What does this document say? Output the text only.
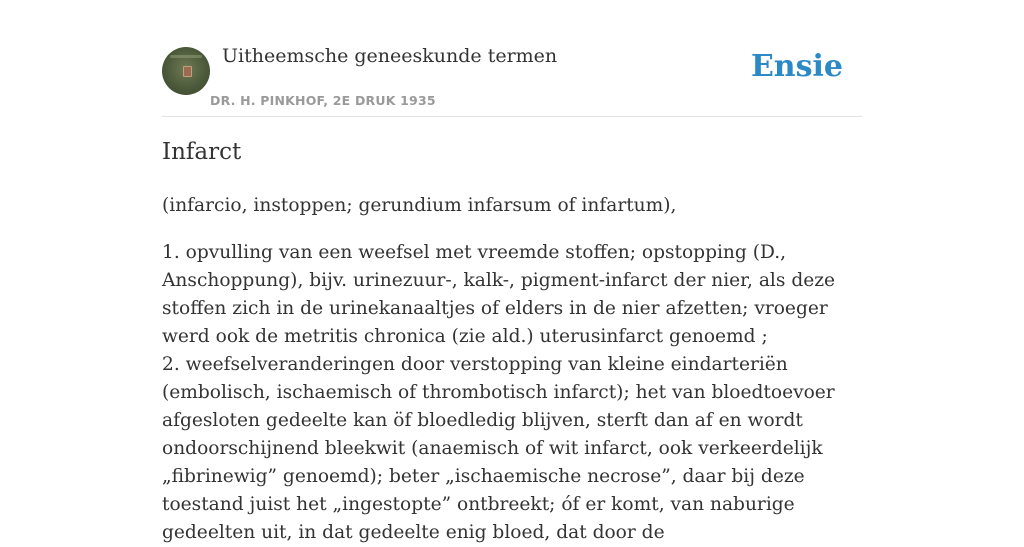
Uitheemsche geneeskunde termen
DR. H. PINKHOF, 2E DRUK 1935
Ensie
Infarct

(infarcio, instoppen; gerundium infarsum of infartum),

1. opvulling van een weefsel met vreemde stoffen; opstopping (D., Anschoppung), bijv. urinezuur-, kalk-, pigment-infarct der nier, als deze stoffen zich in de urinekanaaltjes of elders in de nier afzetten; vroeger werd ook de metritis chronica (zie ald.) uterusinfarct genoemd ;

2. weefselveranderingen door verstopping van kleine eindarteriën (embolisch, ischaemisch of thrombotisch infarct); het van bloedtoevoer afgesloten gedeelte kan öf bloedledig blijven, sterft dan af en wordt ondoorschijnend bleekwit (anaemisch of wit infarct, ook verkeerdelijk „fibrinewig” genoemd); beter „ischaemische necrose”, daar bij deze toestand juist het „ingestopte” ontbreekt; óf er komt, van naburige gedeelten uit, in dat gedeelte enig bloed, dat door de
